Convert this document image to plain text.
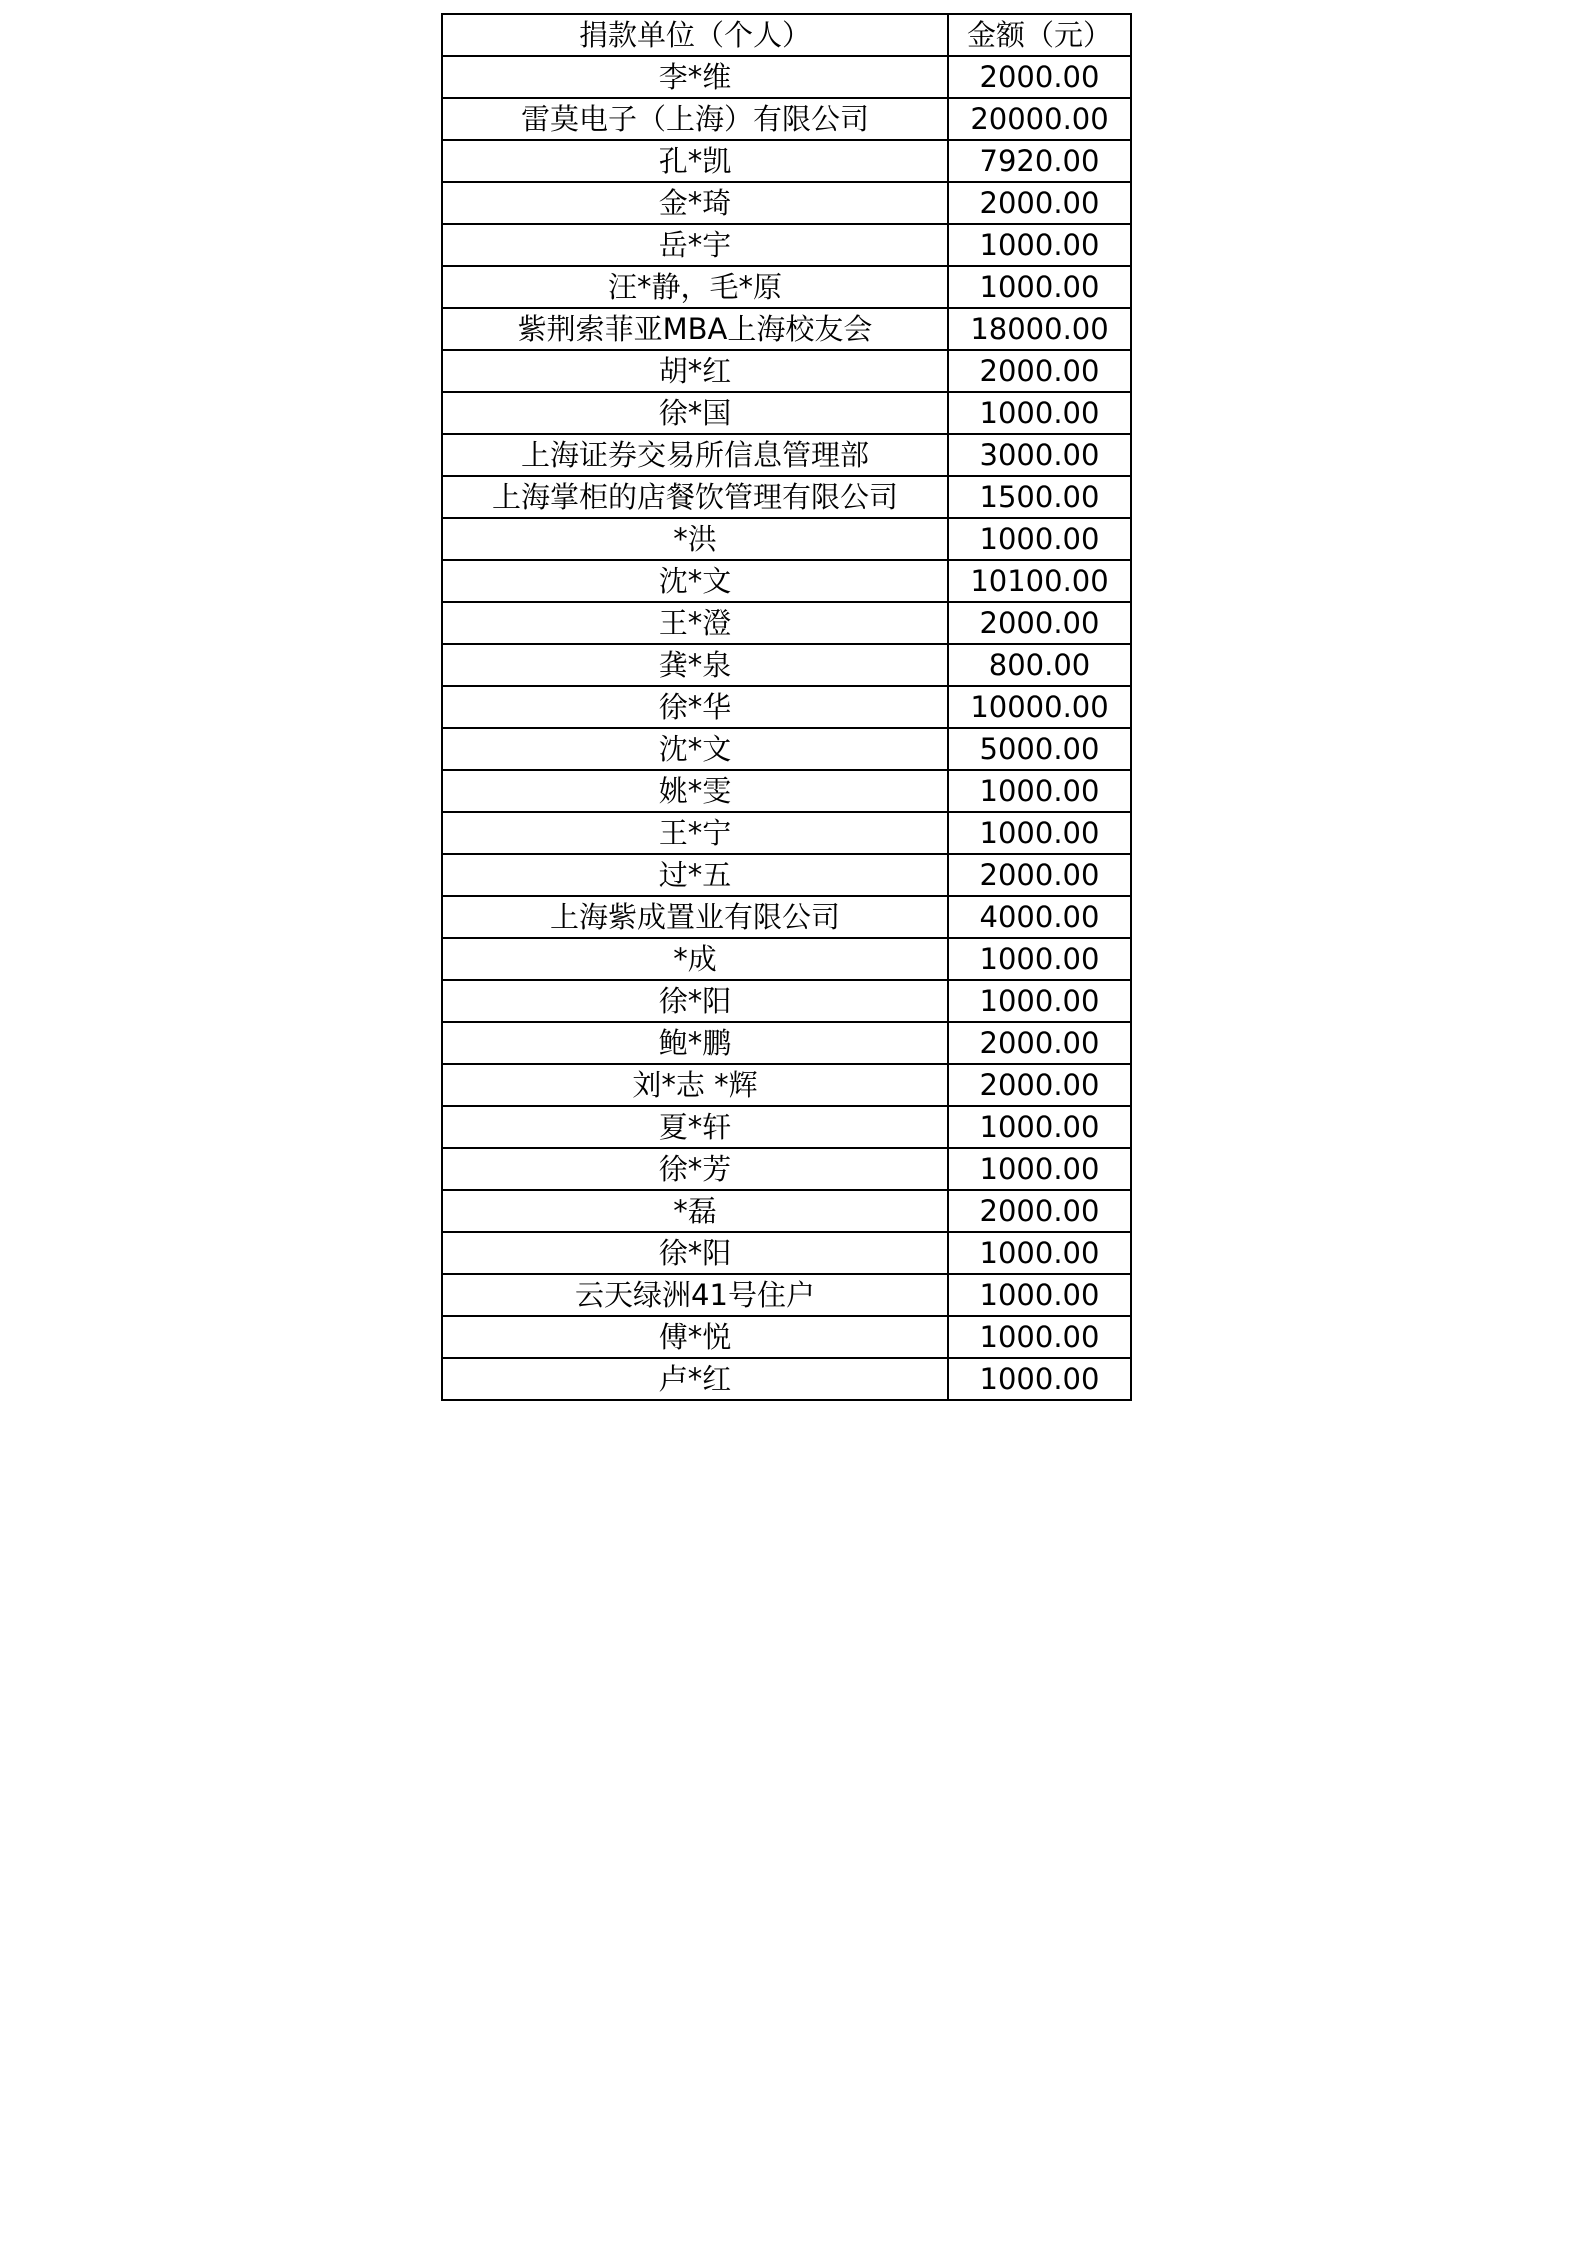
捐款单位（个人）	金额（元）
李*维	2000.00
雷莫电子（上海）有限公司	20000.00
孔*凯	7920.00
金*琦	2000.00
岳*宇	1000.00
汪*静，毛*原	1000.00
紫荆索菲亚MBA上海校友会	18000.00
胡*红	2000.00
徐*国	1000.00
上海证券交易所信息管理部	3000.00
上海掌柜的店餐饮管理有限公司	1500.00
*洪	1000.00
沈*文	10100.00
王*澄	2000.00
龚*泉	800.00
徐*华	10000.00
沈*文	5000.00
姚*雯	1000.00
王*宁	1000.00
过*五	2000.00
上海紫成置业有限公司	4000.00
*成	1000.00
徐*阳	1000.00
鲍*鹏	2000.00
刘*志 *辉	2000.00
夏*轩	1000.00
徐*芳	1000.00
*磊	2000.00
徐*阳	1000.00
云天绿洲41号住户	1000.00
傅*悦	1000.00
卢*红	1000.00
